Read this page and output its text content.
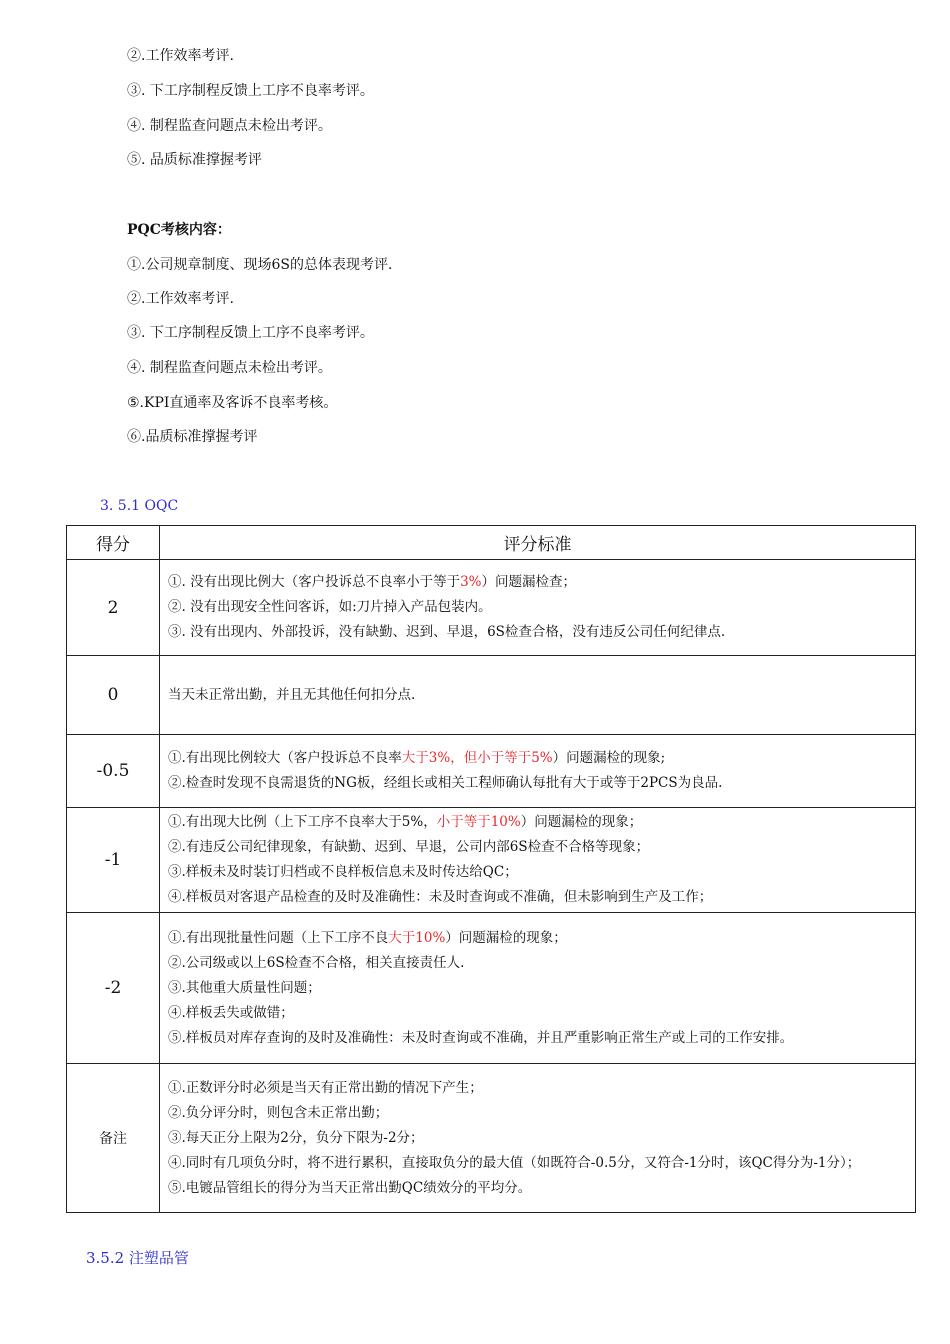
②.工作效率考评.
③. 下工序制程反馈上工序不良率考评。
④. 制程监查问题点未检出考评。
⑤. 品质标准撑握考评
PQC考核内容：
①.公司规章制度、现场6S的总体表现考评.
②.工作效率考评.
③. 下工序制程反馈上工序不良率考评。
④. 制程监查问题点未检出考评。
⑤.KPI直通率及客诉不良率考核。
⑥.品质标准撑握考评
3. 5.1 OQC
得分	评分标准
2	①. 没有出现比例大（客户投诉总不良率小于等于3%）问题漏检查；
②. 没有出现安全性问客诉，如:刀片掉入产品包装内。
③. 没有出现内、外部投诉，没有缺勤、迟到、早退，6S检查合格，没有违反公司任何纪律点.

0	当天未正常出勤，并且无其他任何扣分点.

-0.5	①.有出现比例较大（客户投诉总不良率大于3%，但小于等于5%）问题漏检的现象;
②.检查时发现不良需退货的NG板，经组长或相关工程师确认每批有大于或等于2PCS为良品.

-1	①.有出现大比例（上下工序不良率大于5%，小于等于10%）问题漏检的现象；
②.有违反公司纪律现象，有缺勤、迟到、早退，公司内部6S检查不合格等现象；
③.样板未及时装订归档或不良样板信息未及时传达给QC；
④.样板员对客退产品检查的及时及准确性：未及时查询或不准确，但未影响到生产及工作；

-2	①.有出现批量性问题（上下工序不良大于10%）问题漏检的现象；
②.公司级或以上6S检查不合格，相关直接责任人.
③.其他重大质量性问题；
④.样板丢失或做错；
⑤.样板员对库存查询的及时及准确性：未及时查询或不准确，并且严重影响正常生产或上司的工作安排。

备注	①.正数评分时必须是当天有正常出勤的情况下产生；
②.负分评分时，则包含未正常出勤；
③.每天正分上限为2分，负分下限为-2分；
④.同时有几项负分时，将不进行累积，直接取负分的最大值（如既符合-0.5分，又符合-1分时，该QC得分为-1分）；
⑤.电镀品管组长的得分为当天正常出勤QC绩效分的平均分。
3.5.2 注塑品管
